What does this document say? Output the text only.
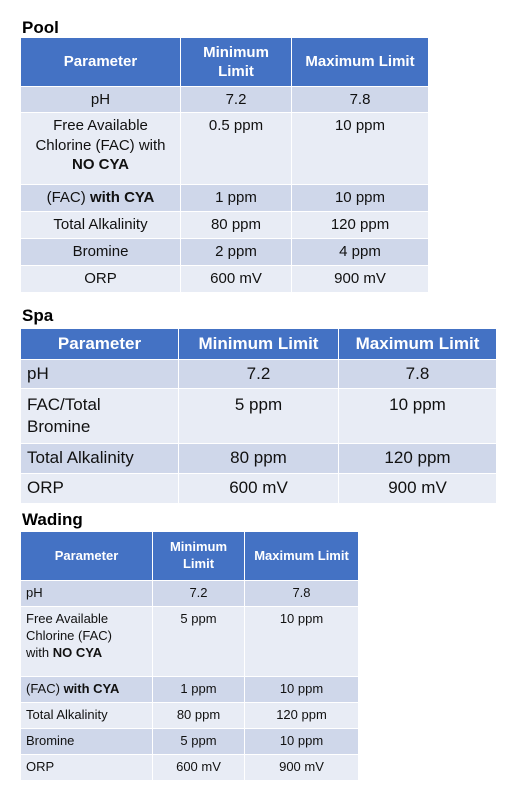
Pool
Parameter	Minimum Limit	Maximum Limit
pH	7.2	7.8
Free Available
Chlorine (FAC) with
NO CYA	0.5 ppm	10 ppm
(FAC) with CYA	1 ppm	10 ppm
Total Alkalinity	80 ppm	120 ppm
Bromine	2 ppm	4 ppm
ORP	600 mV	900 mV
Spa
Parameter	Minimum Limit	Maximum Limit
pH	7.2	7.8
FAC/Total
Bromine	5 ppm	10 ppm
Total Alkalinity	80 ppm	120 ppm
ORP	600 mV	900 mV
Wading
Parameter	Minimum Limit	Maximum Limit
pH	7.2	7.8
Free Available
Chlorine (FAC)
with NO CYA	5 ppm	10 ppm
(FAC) with CYA	1 ppm	10 ppm
Total Alkalinity	80 ppm	120 ppm
Bromine	5 ppm	10 ppm
ORP	600 mV	900 mV
